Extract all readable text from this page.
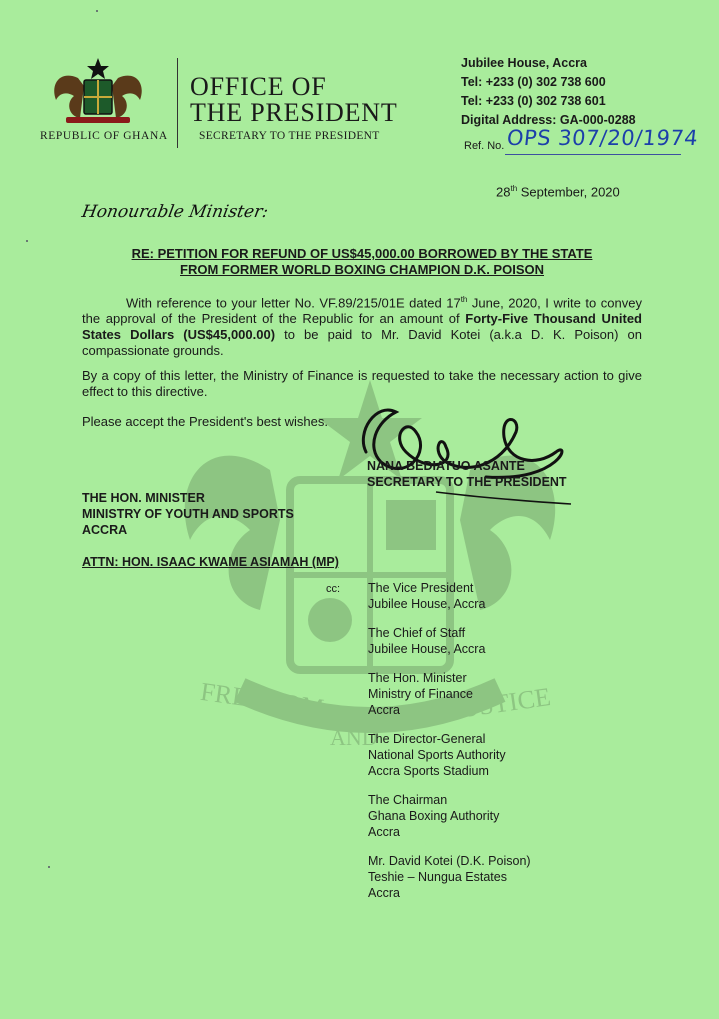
FREEDOM	JUSTICE
AND
REPUBLIC OF GHANA
OFFICE OF
THE PRESIDENT
SECRETARY TO THE PRESIDENT
Jubilee House, Accra
Tel: +233 (0) 302 738 600
Tel: +233 (0) 302 738 601
Digital Address: GA-000-0288
Ref. No. OPS 307/20/1974
28th September, 2020
Honourable Minister:
RE: PETITION FOR REFUND OF US$45,000.00 BORROWED BY THE STATE
FROM FORMER WORLD BOXING CHAMPION D.K. POISON
With reference to your letter No. VF.89/215/01E dated 17th June, 2020, I write to convey the approval of the President of the Republic for an amount of Forty-Five Thousand United States Dollars (US$45,000.00) to be paid to Mr. David Kotei (a.k.a D. K. Poison) on compassionate grounds.
By a copy of this letter, the Ministry of Finance is requested to take the necessary action to give effect to this directive.
Please accept the President's best wishes.
NANA BEDIATUO ASANTE
SECRETARY TO THE PRESIDENT
THE HON. MINISTER
MINISTRY OF YOUTH AND SPORTS
ACCRA
ATTN: HON. ISAAC KWAME ASIAMAH (MP)
cc: The Vice President
Jubilee House, Accra
The Chief of Staff
Jubilee House, Accra
The Hon. Minister
Ministry of Finance
Accra
The Director-General
National Sports Authority
Accra Sports Stadium
The Chairman
Ghana Boxing Authority
Accra
Mr. David Kotei (D.K. Poison)
Teshie – Nungua Estates
Accra
